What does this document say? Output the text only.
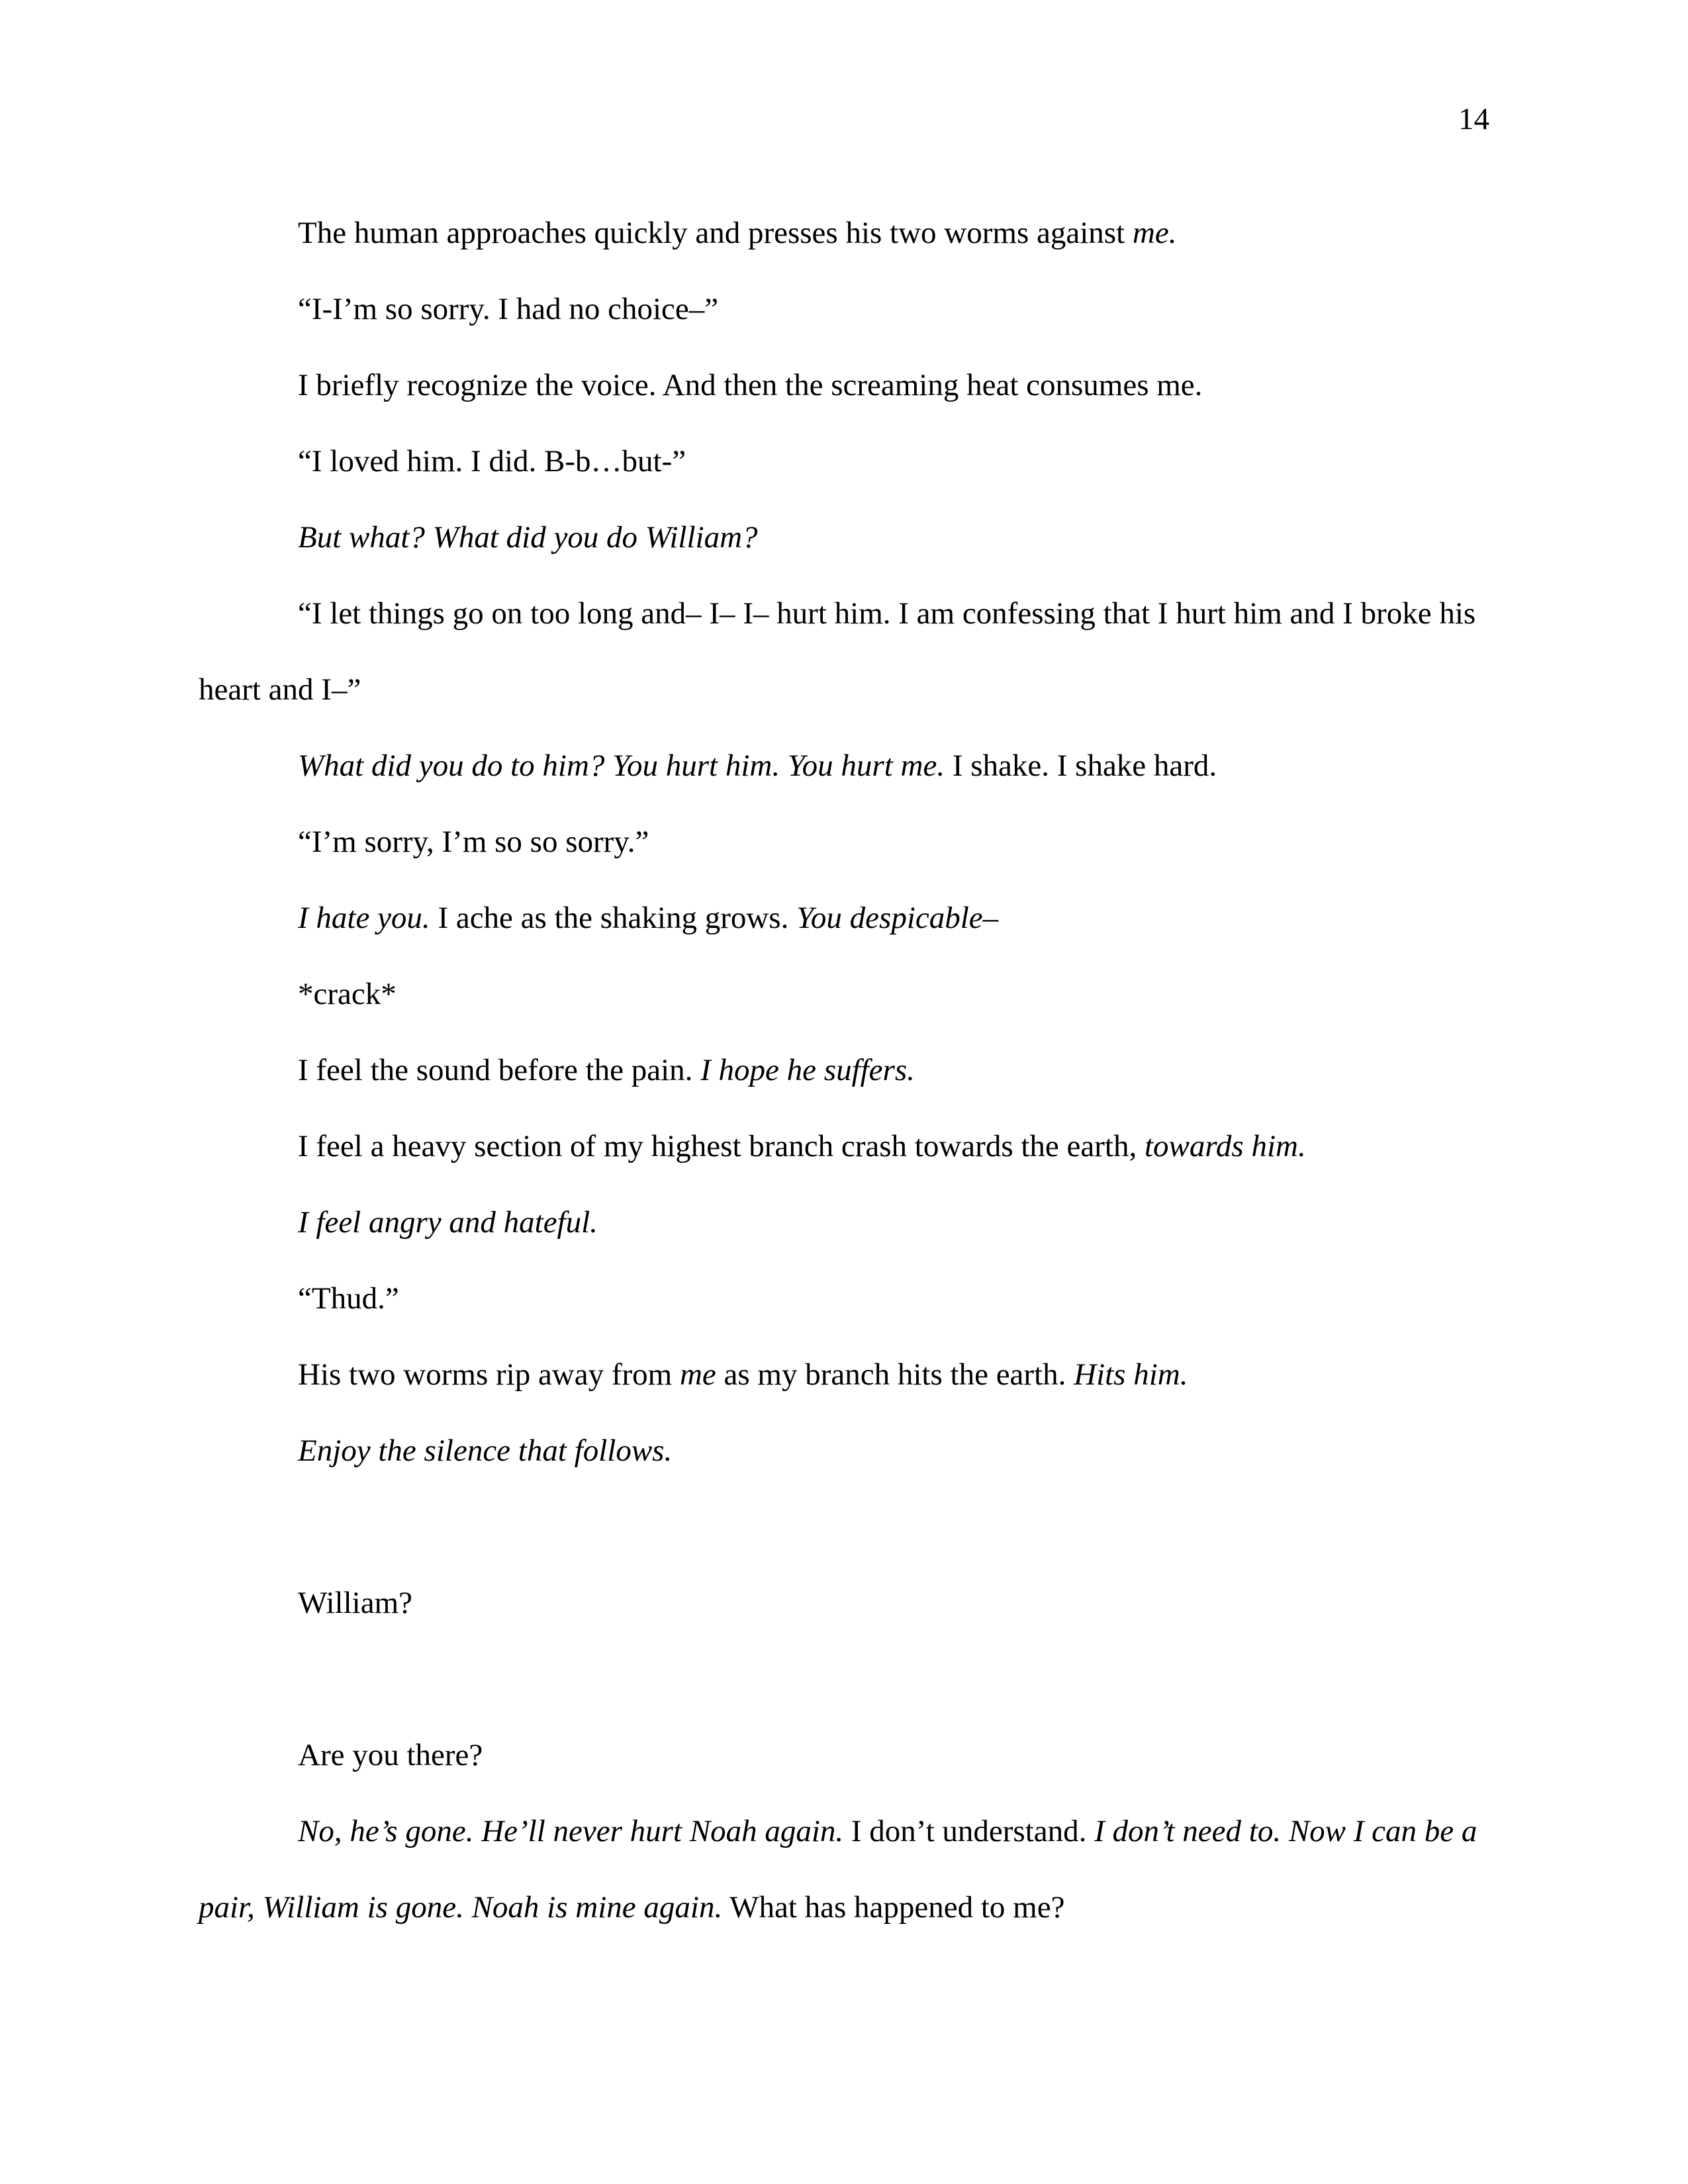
14

The human approaches quickly and presses his two worms against me.

“I-I’m so sorry. I had no choice–”

I briefly recognize the voice. And then the screaming heat consumes me.

“I loved him. I did. B-b…but-”

But what? What did you do William?

“I let things go on too long and– I– I– hurt him. I am confessing that I hurt him and I broke his heart and I–”

What did you do to him? You hurt him. You hurt me. I shake. I shake hard.

“I’m sorry, I’m so so sorry.”

I hate you. I ache as the shaking grows. You despicable–

*crack*

I feel the sound before the pain. I hope he suffers.

I feel a heavy section of my highest branch crash towards the earth, towards him.

I feel angry and hateful.

“Thud.”

His two worms rip away from me as my branch hits the earth. Hits him.

Enjoy the silence that follows.

William?

Are you there?

No, he’s gone. He’ll never hurt Noah again. I don’t understand. I don’t need to. Now I can be a pair, William is gone. Noah is mine again. What has happened to me?
